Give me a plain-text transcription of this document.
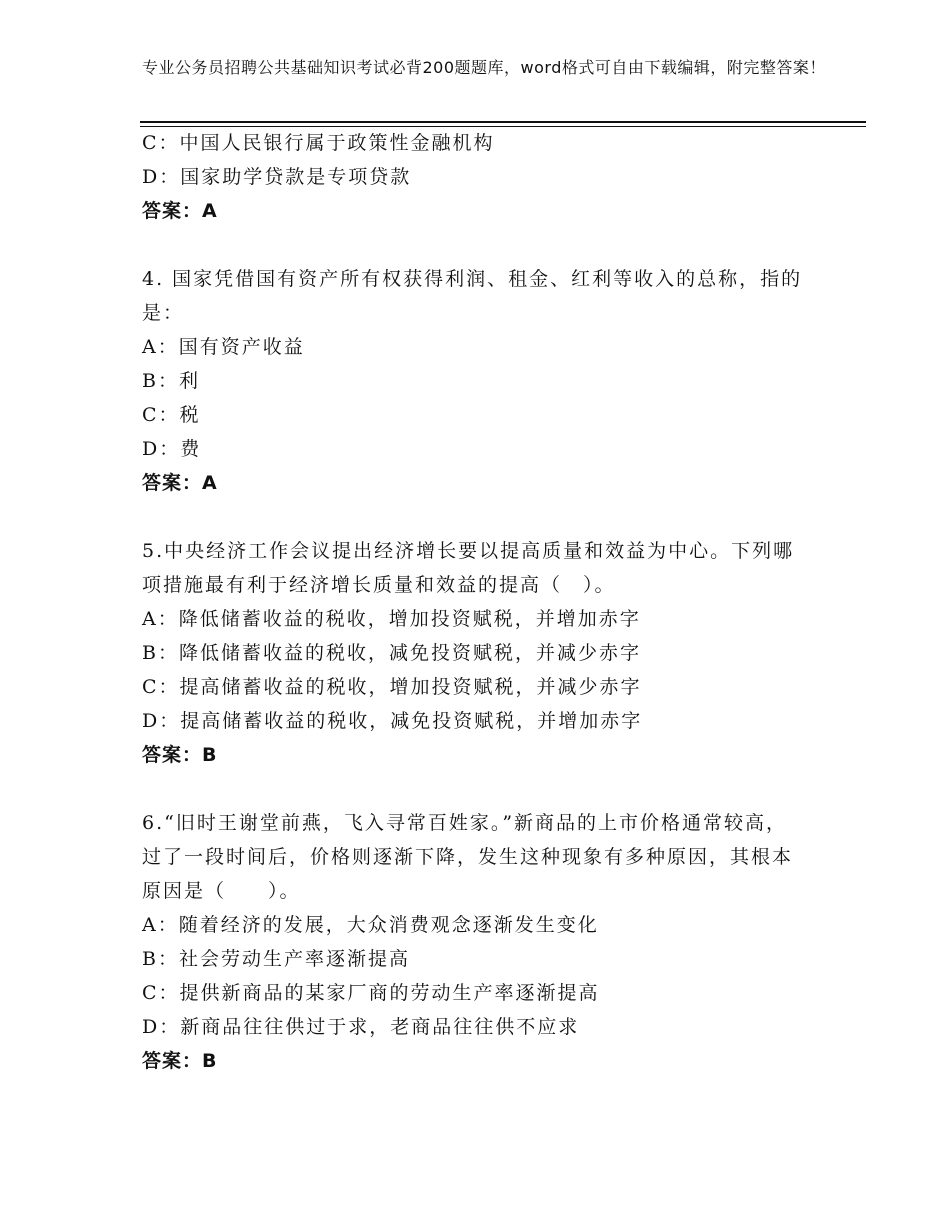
专业公务员招聘公共基础知识考试必背200题题库，word格式可自由下载编辑，附完整答案！
C：中国人民银行属于政策性金融机构
D：国家助学贷款是专项贷款
答案：A
4. 国家凭借国有资产所有权获得利润、租金、红利等收入的总称，指的是：
A：国有资产收益
B：利
C：税
D：费
答案：A
5.中央经济工作会议提出经济增长要以提高质量和效益为中心。下列哪项措施最有利于经济增长质量和效益的提高（　）。
A：降低储蓄收益的税收，增加投资赋税，并增加赤字
B：降低储蓄收益的税收，减免投资赋税，并减少赤字
C：提高储蓄收益的税收，增加投资赋税，并减少赤字
D：提高储蓄收益的税收，减免投资赋税，并增加赤字
答案：B
6.“旧时王谢堂前燕，飞入寻常百姓家。”新商品的上市价格通常较高，过了一段时间后，价格则逐渐下降，发生这种现象有多种原因，其根本原因是（　　）。
A：随着经济的发展，大众消费观念逐渐发生变化
B：社会劳动生产率逐渐提高
C：提供新商品的某家厂商的劳动生产率逐渐提高
D：新商品往往供过于求，老商品往往供不应求
答案：B
